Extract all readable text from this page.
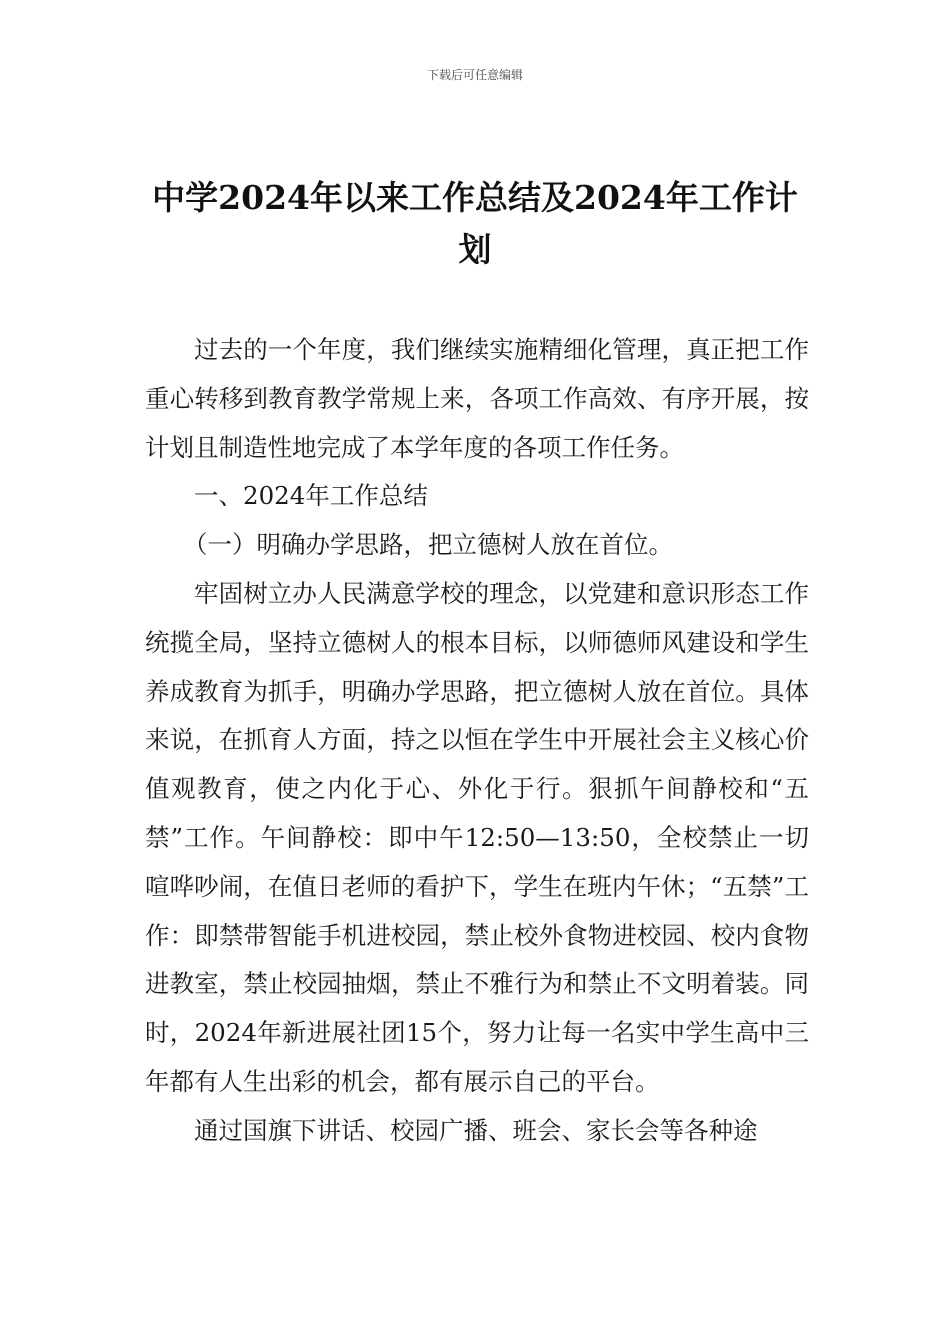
下载后可任意编辑
中学2024年以来工作总结及2024年工作计划

过去的一个年度，我们继续实施精细化管理，真正把工作重心转移到教育教学常规上来，各项工作高效、有序开展，按计划且制造性地完成了本学年度的各项工作任务。

一、2024年工作总结

（一）明确办学思路，把立德树人放在首位。

牢固树立办人民满意学校的理念，以党建和意识形态工作统揽全局，坚持立德树人的根本目标，以师德师风建设和学生养成教育为抓手，明确办学思路，把立德树人放在首位。具体来说，在抓育人方面，持之以恒在学生中开展社会主义核心价值观教育，使之内化于心、外化于行。狠抓午间静校和“五禁”工作。午间静校：即中午12:50—13:50，全校禁止一切喧哗吵闹，在值日老师的看护下，学生在班内午休；“五禁”工作：即禁带智能手机进校园，禁止校外食物进校园、校内食物进教室，禁止校园抽烟，禁止不雅行为和禁止不文明着装。同时，2024年新进展社团15个，努力让每一名实中学生高中三年都有人生出彩的机会，都有展示自己的平台。

通过国旗下讲话、校园广播、班会、家长会等各种途
